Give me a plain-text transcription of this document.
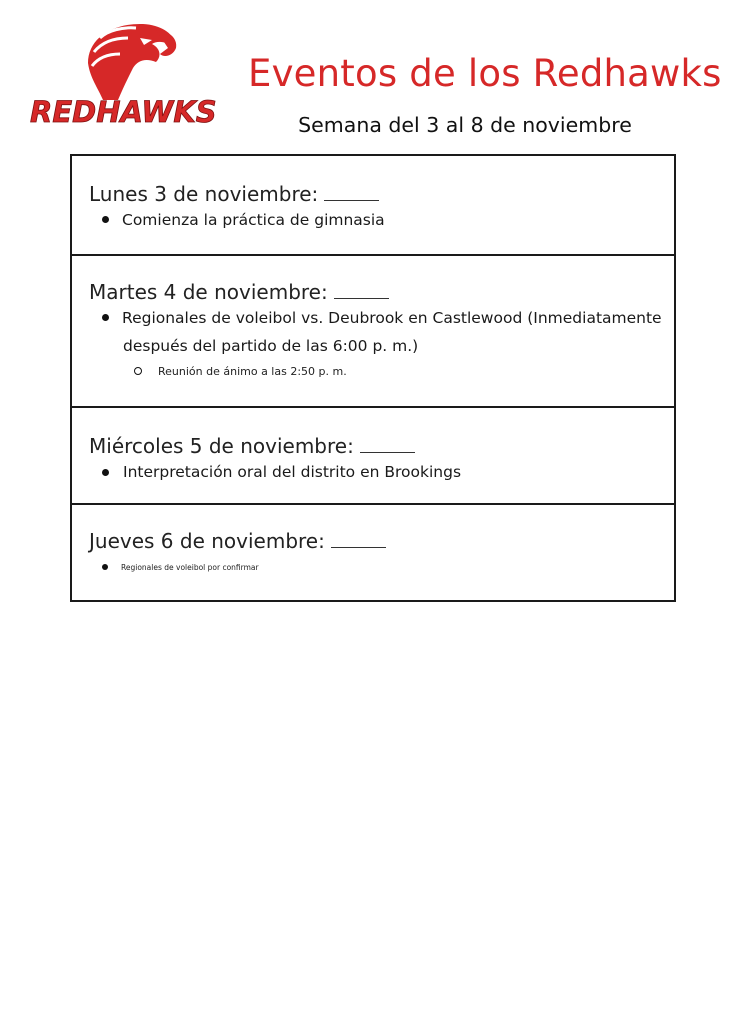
REDHAWKS
Eventos de los Redhawks
Semana del 3 al 8 de noviembre
Lunes 3 de noviembre:
Comienza la práctica de gimnasia
Martes 4 de noviembre:
Regionales de voleibol vs. Deubrook en Castlewood (Inmediatamente
después del partido de las 6:00 p. m.)
Reunión de ánimo a las 2:50 p. m.
Miércoles 5 de noviembre:
Interpretación oral del distrito en Brookings
Jueves 6 de noviembre:
Regionales de voleibol por confirmar
